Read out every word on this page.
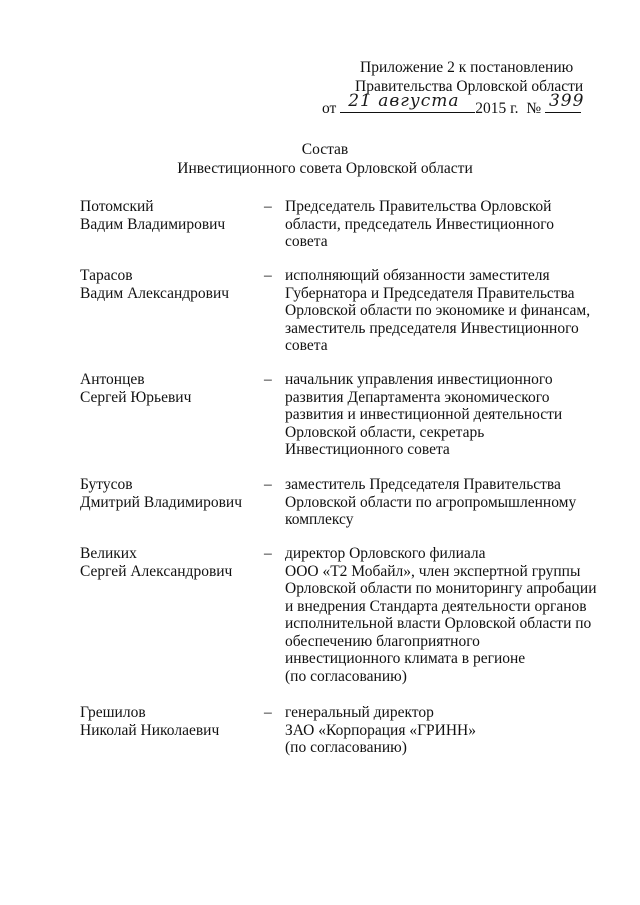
Приложение 2 к постановлению
Правительства Орловской области
от 21 августа 2015 г. № 399
Состав
Инвестиционного совета Орловской области
Потомский
Вадим Владимирович
– Председатель Правительства Орловской
области, председатель Инвестиционного
совета
Тарасов
Вадим Александрович
– исполняющий обязанности заместителя
Губернатора и Председателя Правительства
Орловской области по экономике и финансам,
заместитель председателя Инвестиционного
совета
Антонцев
Сергей Юрьевич
– начальник управления инвестиционного
развития Департамента экономического
развития и инвестиционной деятельности
Орловской области, секретарь
Инвестиционного совета
Бутусов
Дмитрий Владимирович
– заместитель Председателя Правительства
Орловской области по агропромышленному
комплексу
Великих
Сергей Александрович
– директор Орловского филиала
ООО «Т2 Мобайл», член экспертной группы
Орловской области по мониторингу апробации
и внедрения Стандарта деятельности органов
исполнительной власти Орловской области по
обеспечению благоприятного
инвестиционного климата в регионе
(по согласованию)
Грешилов
Николай Николаевич
– генеральный директор
ЗАО «Корпорация «ГРИНН»
(по согласованию)
